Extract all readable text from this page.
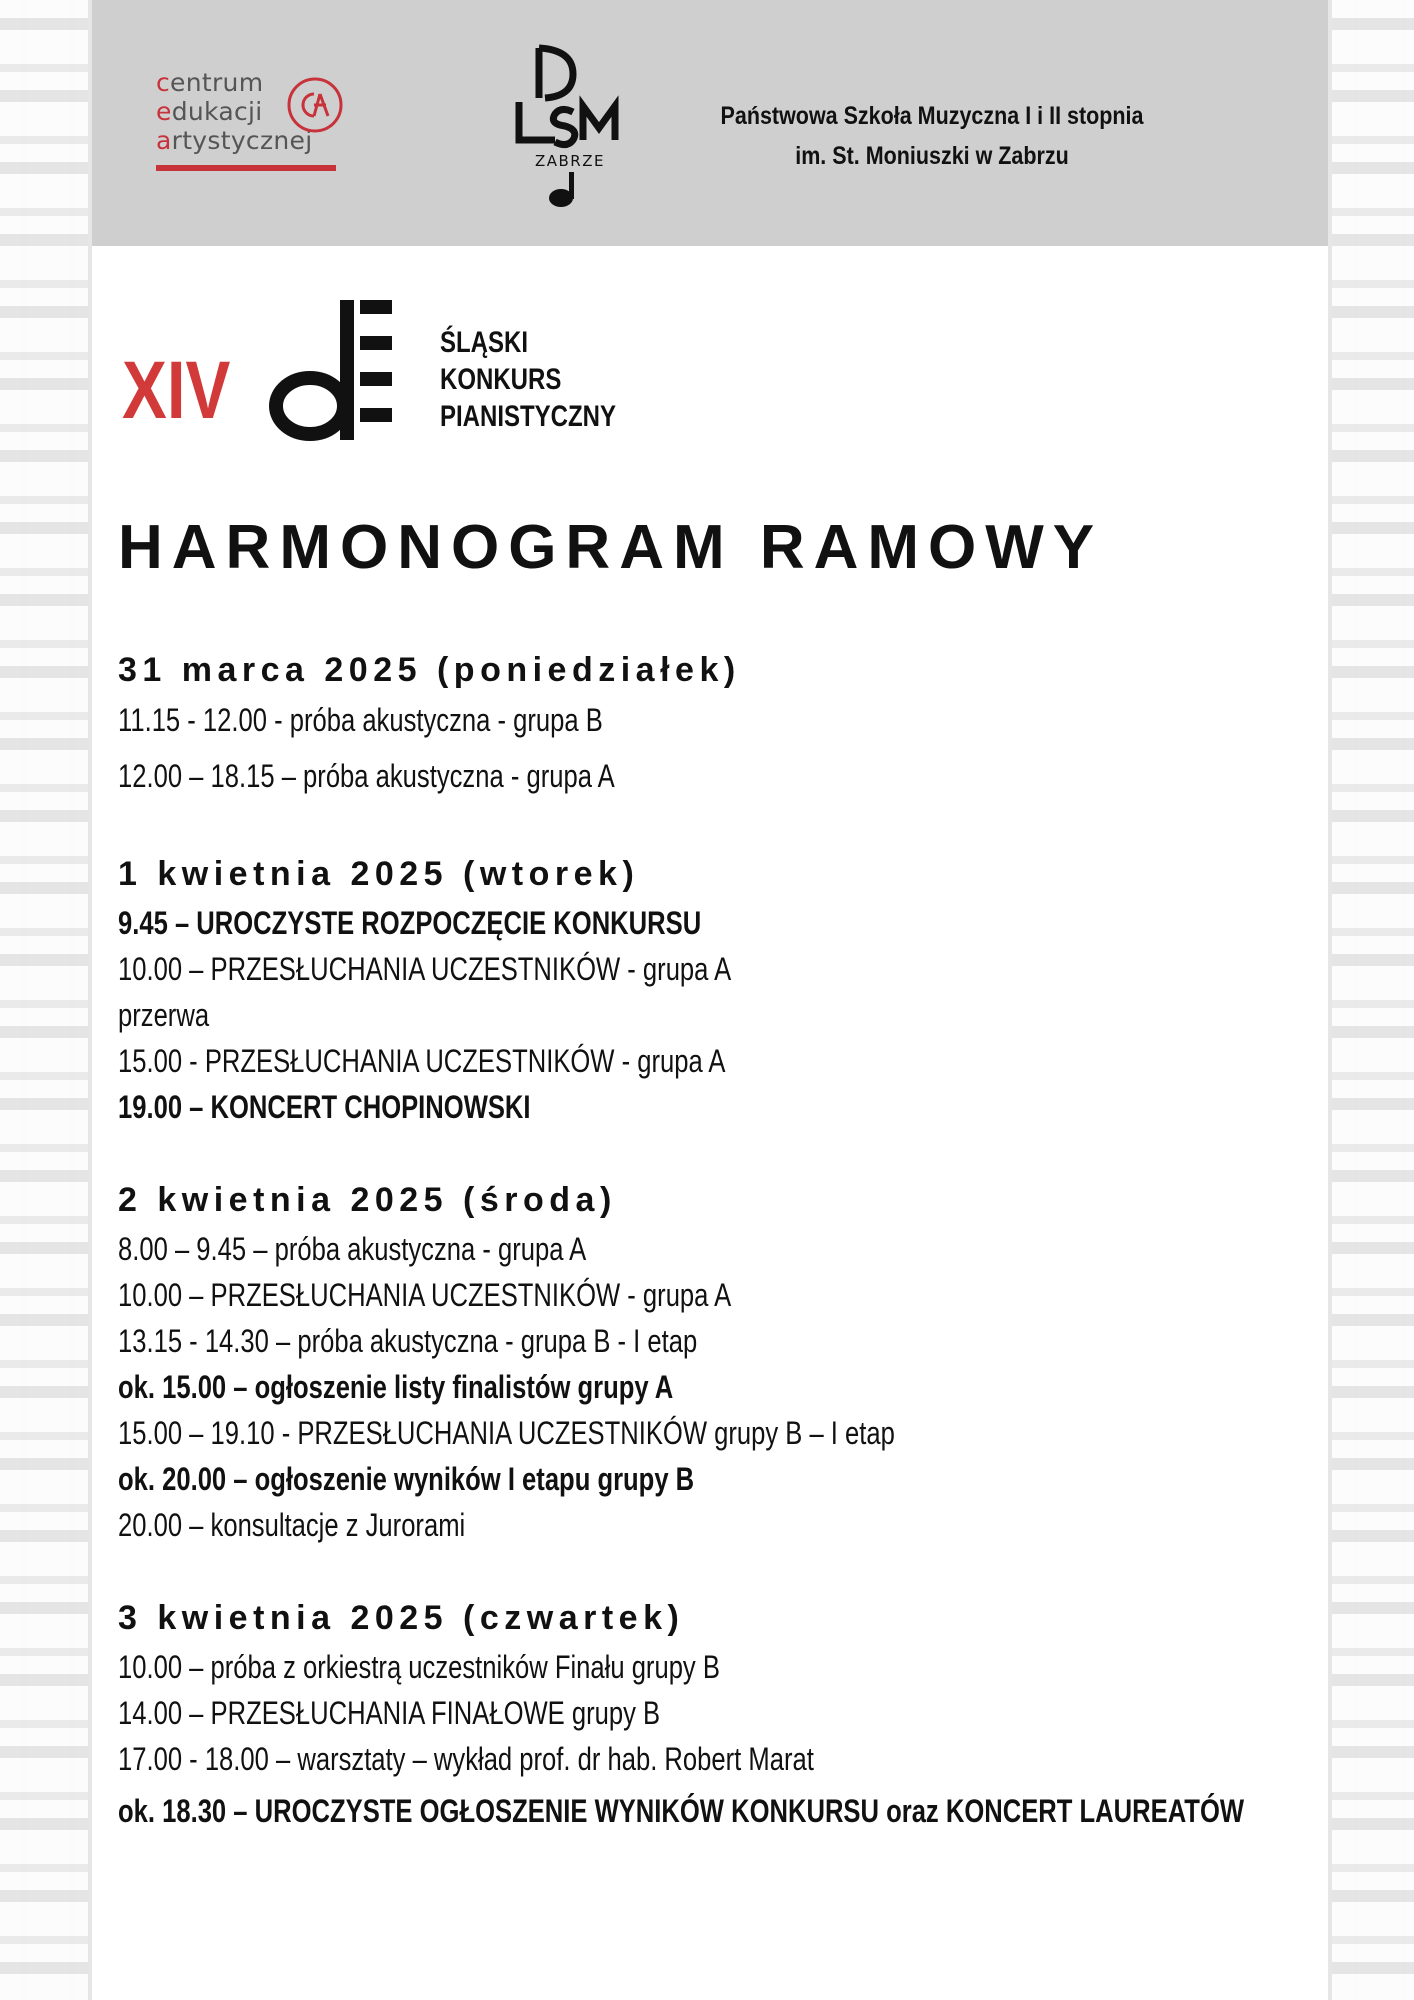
centrum
edukacji
artystycznej
ZABRZE
Państwowa Szkoła Muzyczna I i II stopnia
im. St. Moniuszki w Zabrzu
XIV
ŚLĄSKI
KONKURS
PIANISTYCZNY
HARMONOGRAM RAMOWY
31 marca 2025 (poniedziałek)
11.15 - 12.00 - próba akustyczna - grupa B
12.00 – 18.15 – próba akustyczna - grupa A
1 kwietnia 2025 (wtorek)
9.45 – UROCZYSTE ROZPOCZĘCIE KONKURSU
10.00 – PRZESŁUCHANIA UCZESTNIKÓW - grupa A
przerwa
15.00 - PRZESŁUCHANIA UCZESTNIKÓW - grupa A
19.00 – KONCERT CHOPINOWSKI
2 kwietnia 2025 (środa)
8.00 – 9.45 – próba akustyczna - grupa A
10.00 – PRZESŁUCHANIA UCZESTNIKÓW - grupa A
13.15 - 14.30 – próba akustyczna - grupa B - I etap
ok. 15.00 – ogłoszenie listy finalistów grupy A
15.00 – 19.10 - PRZESŁUCHANIA UCZESTNIKÓW grupy B – I etap
ok. 20.00 – ogłoszenie wyników I etapu grupy B
20.00 – konsultacje z Jurorami
3 kwietnia 2025 (czwartek)
10.00 – próba z orkiestrą uczestników Finału grupy B
14.00 – PRZESŁUCHANIA FINAŁOWE grupy B
17.00 - 18.00 – warsztaty – wykład prof. dr hab. Robert Marat
ok. 18.30 – UROCZYSTE OGŁOSZENIE WYNIKÓW KONKURSU oraz KONCERT LAUREATÓW
